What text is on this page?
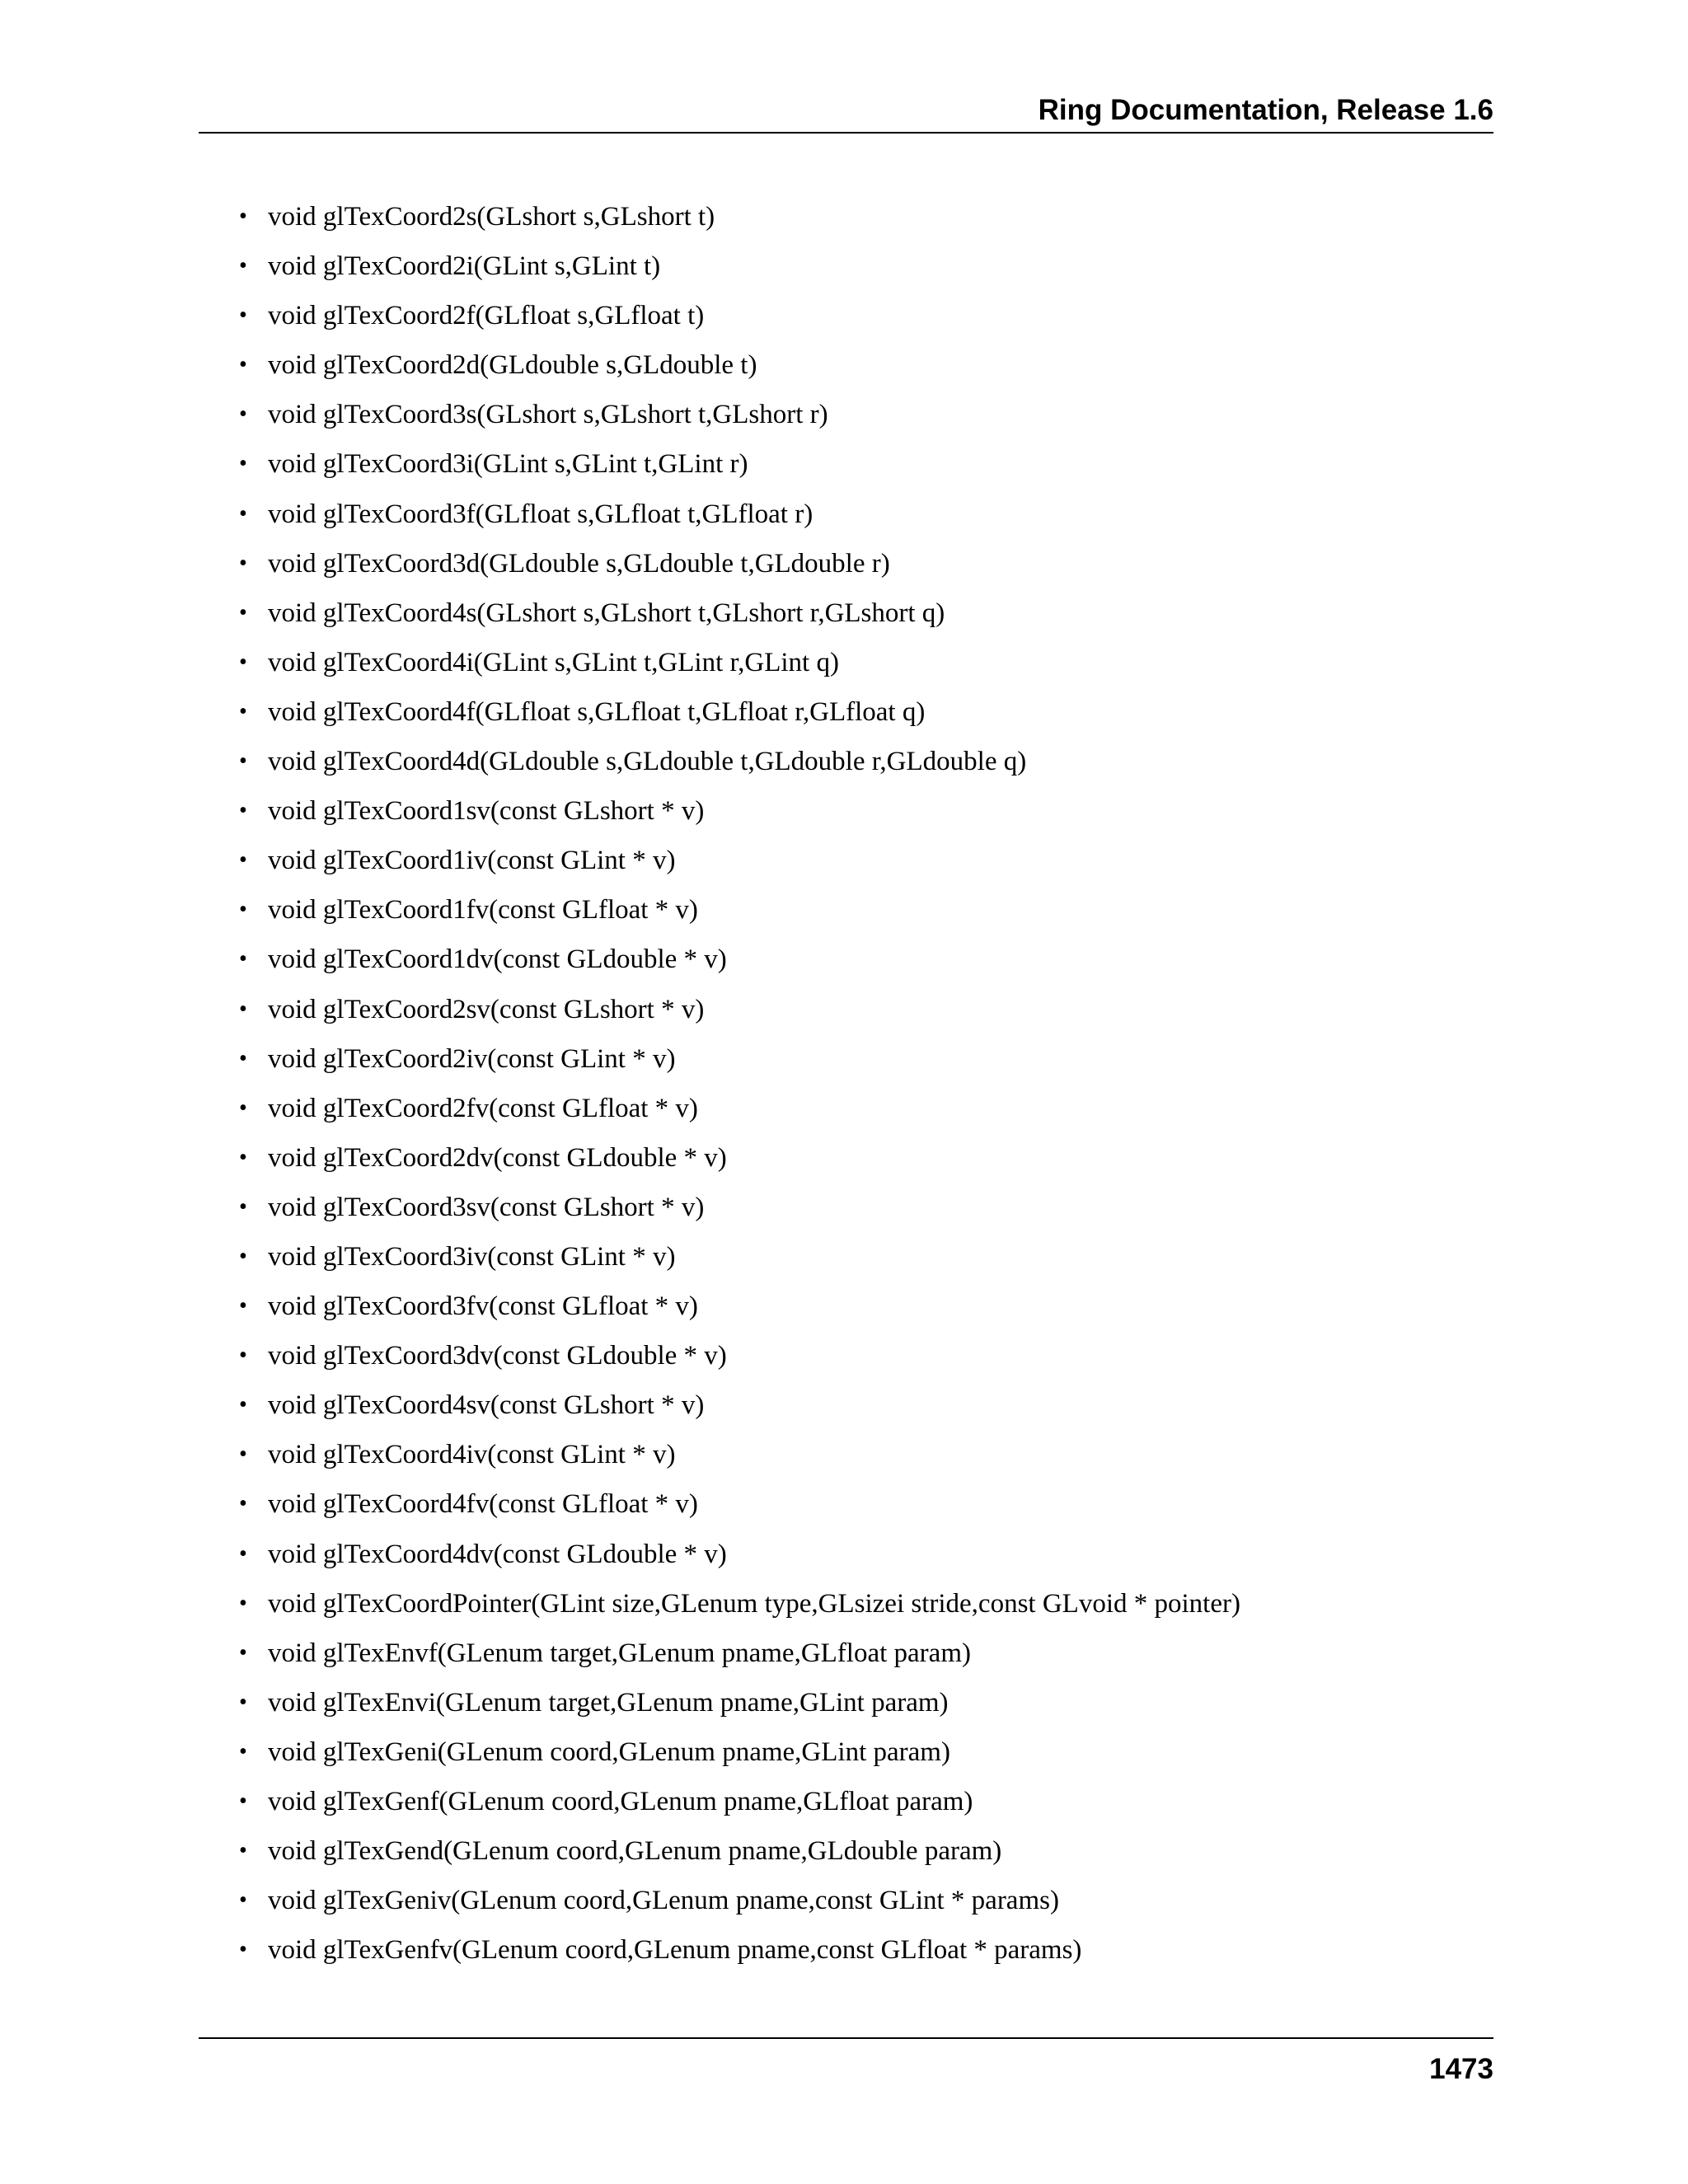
Ring Documentation, Release 1.6
• void glTexCoord2s(GLshort s,GLshort t)
• void glTexCoord2i(GLint s,GLint t)
• void glTexCoord2f(GLfloat s,GLfloat t)
• void glTexCoord2d(GLdouble s,GLdouble t)
• void glTexCoord3s(GLshort s,GLshort t,GLshort r)
• void glTexCoord3i(GLint s,GLint t,GLint r)
• void glTexCoord3f(GLfloat s,GLfloat t,GLfloat r)
• void glTexCoord3d(GLdouble s,GLdouble t,GLdouble r)
• void glTexCoord4s(GLshort s,GLshort t,GLshort r,GLshort q)
• void glTexCoord4i(GLint s,GLint t,GLint r,GLint q)
• void glTexCoord4f(GLfloat s,GLfloat t,GLfloat r,GLfloat q)
• void glTexCoord4d(GLdouble s,GLdouble t,GLdouble r,GLdouble q)
• void glTexCoord1sv(const GLshort * v)
• void glTexCoord1iv(const GLint * v)
• void glTexCoord1fv(const GLfloat * v)
• void glTexCoord1dv(const GLdouble * v)
• void glTexCoord2sv(const GLshort * v)
• void glTexCoord2iv(const GLint * v)
• void glTexCoord2fv(const GLfloat * v)
• void glTexCoord2dv(const GLdouble * v)
• void glTexCoord3sv(const GLshort * v)
• void glTexCoord3iv(const GLint * v)
• void glTexCoord3fv(const GLfloat * v)
• void glTexCoord3dv(const GLdouble * v)
• void glTexCoord4sv(const GLshort * v)
• void glTexCoord4iv(const GLint * v)
• void glTexCoord4fv(const GLfloat * v)
• void glTexCoord4dv(const GLdouble * v)
• void glTexCoordPointer(GLint size,GLenum type,GLsizei stride,const GLvoid * pointer)
• void glTexEnvf(GLenum target,GLenum pname,GLfloat param)
• void glTexEnvi(GLenum target,GLenum pname,GLint param)
• void glTexGeni(GLenum coord,GLenum pname,GLint param)
• void glTexGenf(GLenum coord,GLenum pname,GLfloat param)
• void glTexGend(GLenum coord,GLenum pname,GLdouble param)
• void glTexGeniv(GLenum coord,GLenum pname,const GLint * params)
• void glTexGenfv(GLenum coord,GLenum pname,const GLfloat * params)
1473
